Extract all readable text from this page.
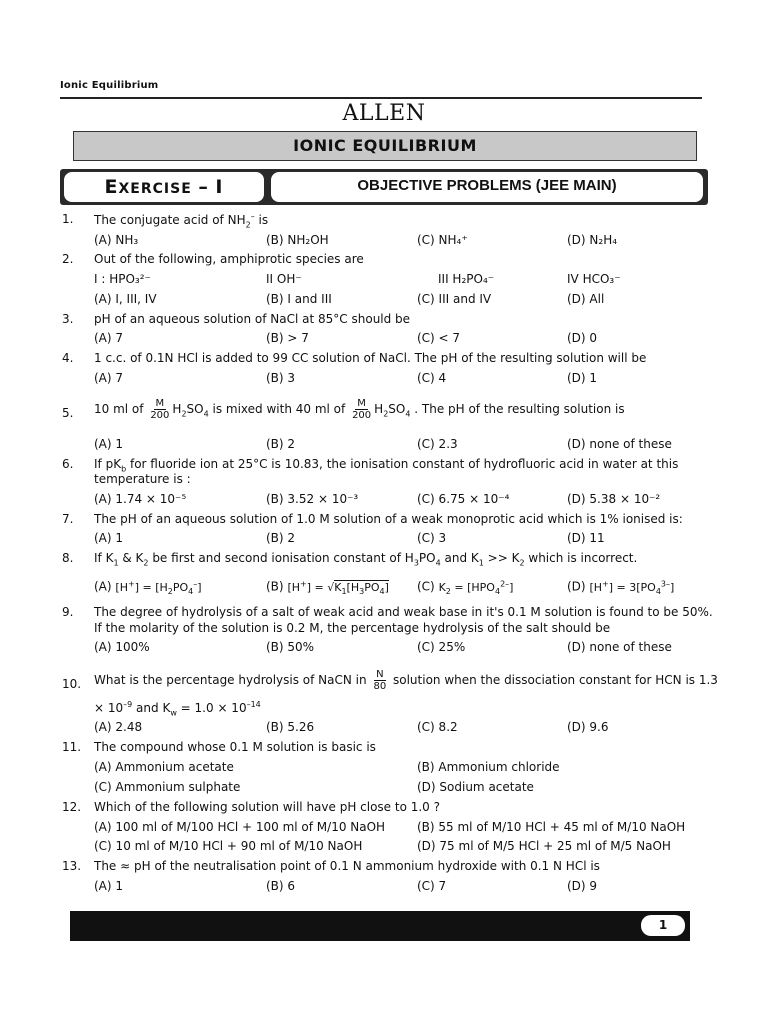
Ionic Equilibrium
ALLEN
IONIC EQUILIBRIUM
EXERCISE – I	OBJECTIVE PROBLEMS (JEE MAIN)
1. The conjugate acid of $NH_2^-$ is
(A) NH₃	(B) NH₂OH	(C) NH₄⁺	(D) N₂H₄
2. Out of the following, amphiprotic species are
I : HPO₃²⁻	II OH⁻	III H₂PO₄⁻	IV HCO₃⁻
(A) I, III, IV	(B) I and III	(C) III and IV	(D) All
3. pH of an aqueous solution of NaCl at 85°C should be
(A) 7	(B) > 7	(C) < 7	(D) 0
4. 1 c.c. of 0.1N HCl is added to 99 CC solution of NaCl. The pH of the resulting solution will be
(A) 7	(B) 3	(C) 4	(D) 1
5. 10 ml of $\frac{M}{200} H_2SO_4$ is mixed with 40 ml of $\frac{M}{200} H_2SO_4$ . The pH of the resulting solution is
(A) 1	(B) 2	(C) 2.3	(D) none of these
6. If $pK_b$ for fluoride ion at 25°C is 10.83, the ionisation constant of hydrofluoric acid in water at this
temperature is :
(A) 1.74 × 10⁻⁵	(B) 3.52 × 10⁻³	(C) 6.75 × 10⁻⁴	(D) 5.38 × 10⁻²
7. The pH of an aqueous solution of 1.0 M solution of a weak monoprotic acid which is 1% ionised is:
(A) 1	(B) 2	(C) 3	(D) 11
8. If $K_1$ & $K_2$ be first and second ionisation constant of $H_3PO_4$ and $K_1 >> K_2$ which is incorrect.
(A) $[H^+] = [H_2PO_4^-]$	(B) $[H^+] = √K_1[H_3PO_4]$ (C) $K_2 = [HPO_4^{2-}]$	(D) $[H^+] = 3[PO_4^{3-}]$
9. The degree of hydrolysis of a salt of weak acid and weak base in it's 0.1 M solution is found to be 50%.
If the molarity of the solution is 0.2 M, the percentage hydrolysis of the salt should be
(A) 100%	(B) 50%	(C) 25%	(D) none of these
10. What is the percentage hydrolysis of NaCN in $\frac{N}{80}$ solution when the dissociation constant for HCN is 1.3
× $10^{-9}$ and $K_w = 1.0 \times 10^{-14}$
(A) 2.48	(B) 5.26	(C) 8.2	(D) 9.6
11. The compound whose 0.1 M solution is basic is
(A) Ammonium acetate	(B) Ammonium chloride
(C) Ammonium sulphate	(D) Sodium acetate
12. Which of the following solution will have pH close to 1.0 ?
(A) 100 ml of M/100 HCl + 100 ml of M/10 NaOH	(B) 55 ml of M/10 HCl + 45 ml of M/10 NaOH
(C) 10 ml of M/10 HCl + 90 ml of M/10 NaOH	(D) 75 ml of M/5 HCl + 25 ml of M/5 NaOH
13. The ≈ pH of the neutralisation point of 0.1 N ammonium hydroxide with 0.1 N HCl is
(A) 1	(B) 6	(C) 7	(D) 9
1
